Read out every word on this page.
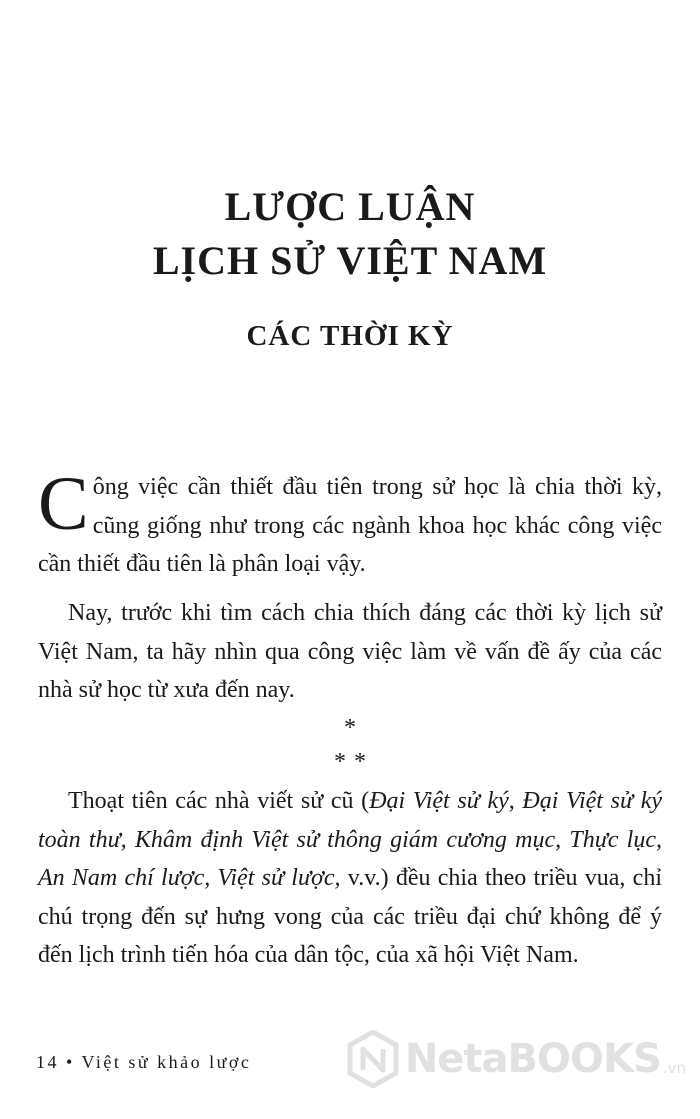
LƯỢC LUẬN
LỊCH SỬ VIỆT NAM
CÁC THỜI KỲ

Công việc cần thiết đầu tiên trong sử học là chia thời kỳ, cũng giống như trong các ngành khoa học khác công việc cần thiết đầu tiên là phân loại vậy.

Nay, trước khi tìm cách chia thích đáng các thời kỳ lịch sử Việt Nam, ta hãy nhìn qua công việc làm về vấn đề ấy của các nhà sử học từ xưa đến nay.

*

**

Thoạt tiên các nhà viết sử cũ (Đại Việt sử ký, Đại Việt sử ký toàn thư, Khâm định Việt sử thông giám cương mục, Thực lục, An Nam chí lược, Việt sử lược, v.v.) đều chia theo triều vua, chỉ chú trọng đến sự hưng vong của các triều đại chứ không để ý đến lịch trình tiến hóa của dân tộc, của xã hội Việt Nam.

14 • Việt sử khảo lược	NetaBOOKS .vn
